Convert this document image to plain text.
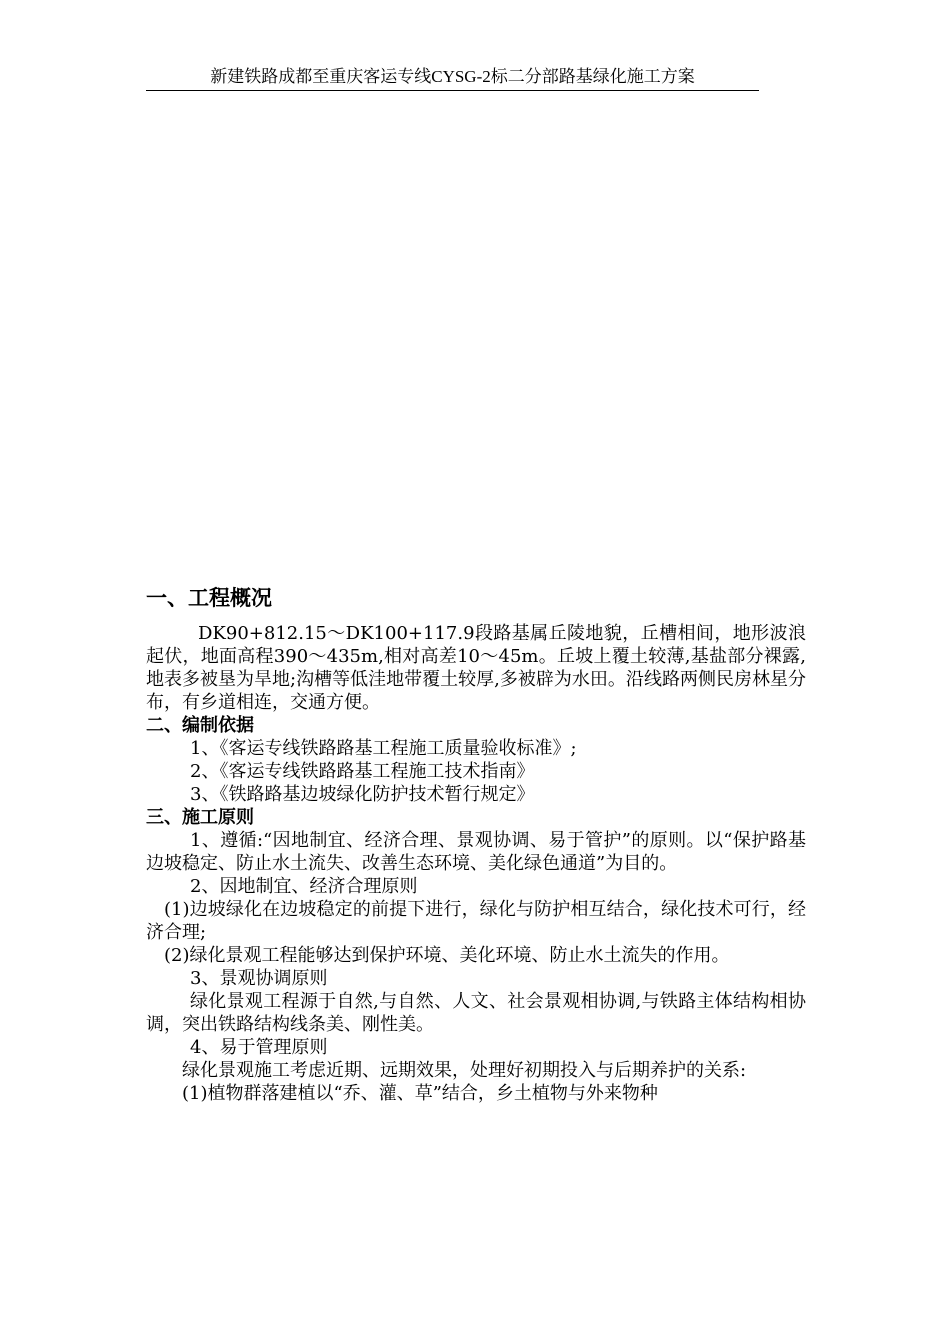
新建铁路成都至重庆客运专线CYSG-2标二分部路基绿化施工方案
一、工程概况

DK90+812.15～DK100+117.9段路基属丘陵地貌，丘槽相间，地形波浪起伏，地面高程390～435m,相对高差10～45m。丘坡上覆土较薄,基盐部分裸露,地表多被垦为旱地;沟槽等低洼地带覆土较厚,多被辟为水田。沿线路两侧民房林星分布，有乡道相连，交通方便。

二、编制依据
1、《客运专线铁路路基工程施工质量验收标准》;
2、《客运专线铁路路基工程施工技术指南》
3、《铁路路基边坡绿化防护技术暂行规定》
三、施工原则

1、遵循:“因地制宜、经济合理、景观协调、易于管护”的原则。以“保护路基边坡稳定、防止水土流失、改善生态环境、美化绿色通道”为目的。

2、因地制宜、经济合理原则

(1)边坡绿化在边坡稳定的前提下进行，绿化与防护相互结合，绿化技术可行，经济合理;

(2)绿化景观工程能够达到保护环境、美化环境、防止水土流失的作用。

3、景观协调原则

绿化景观工程源于自然,与自然、人文、社会景观相协调,与铁路主体结构相协调，突出铁路结构线条美、刚性美。

4、易于管理原则

绿化景观施工考虑近期、远期效果，处理好初期投入与后期养护的关系:

(1)植物群落建植以“乔、灌、草”结合，乡土植物与外来物种
